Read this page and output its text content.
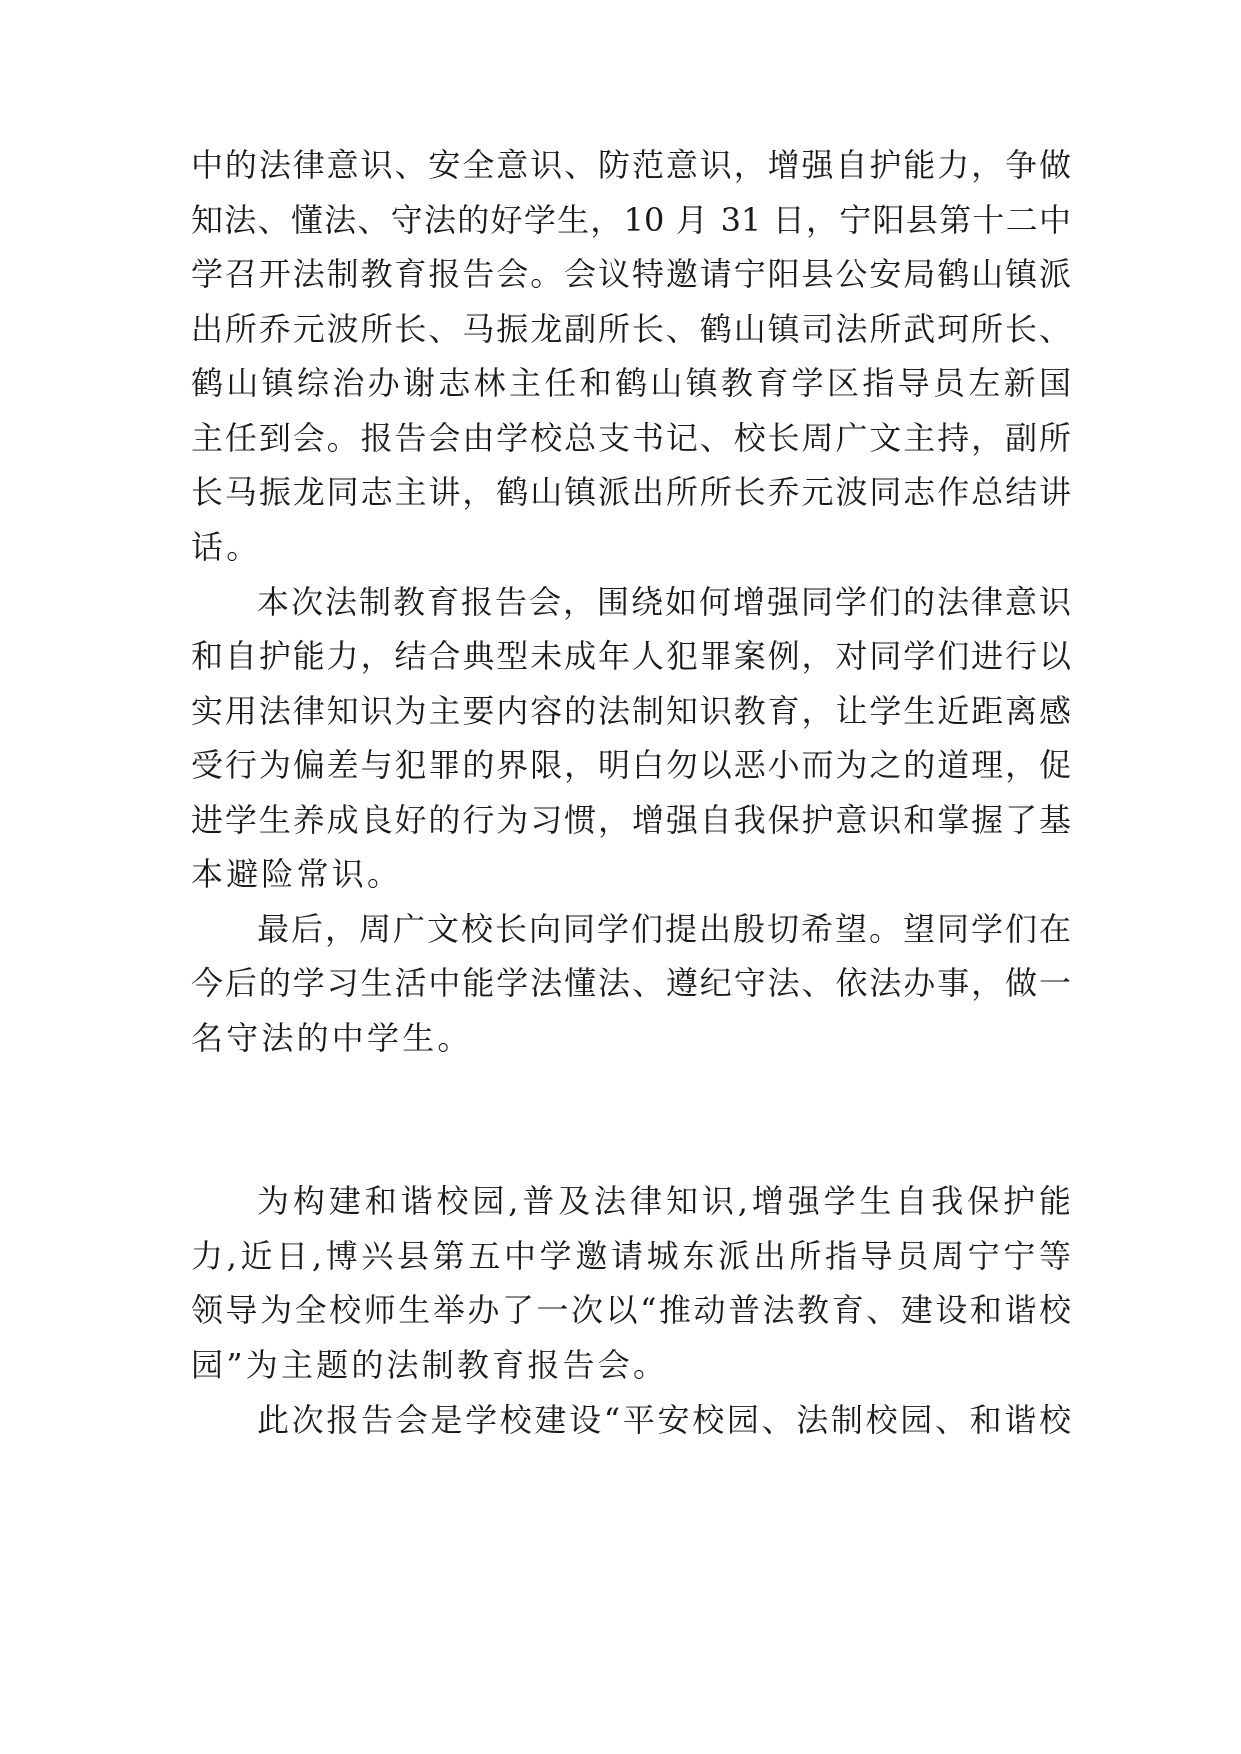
中的法律意识、安全意识、防范意识，增强自护能力，争做
知法、懂法、守法的好学生，10 月 31 日，宁阳县第十二中
学召开法制教育报告会。会议特邀请宁阳县公安局鹤山镇派
出所乔元波所长、马振龙副所长、鹤山镇司法所武珂所长、
鹤山镇综治办谢志林主任和鹤山镇教育学区指导员左新国
主任到会。报告会由学校总支书记、校长周广文主持，副所
长马振龙同志主讲，鹤山镇派出所所长乔元波同志作总结讲
话。
本次法制教育报告会，围绕如何增强同学们的法律意识
和自护能力，结合典型未成年人犯罪案例，对同学们进行以
实用法律知识为主要内容的法制知识教育，让学生近距离感
受行为偏差与犯罪的界限，明白勿以恶小而为之的道理，促
进学生养成良好的行为习惯，增强自我保护意识和掌握了基
本避险常识。
最后，周广文校长向同学们提出殷切希望。望同学们在
今后的学习生活中能学法懂法、遵纪守法、依法办事，做一
名守法的中学生。
为构建和谐校园,普及法律知识,增强学生自我保护能
力,近日,博兴县第五中学邀请城东派出所指导员周宁宁等
领导为全校师生举办了一次以“推动普法教育、建设和谐校
园”为主题的法制教育报告会。
此次报告会是学校建设“平安校园、法制校园、和谐校
